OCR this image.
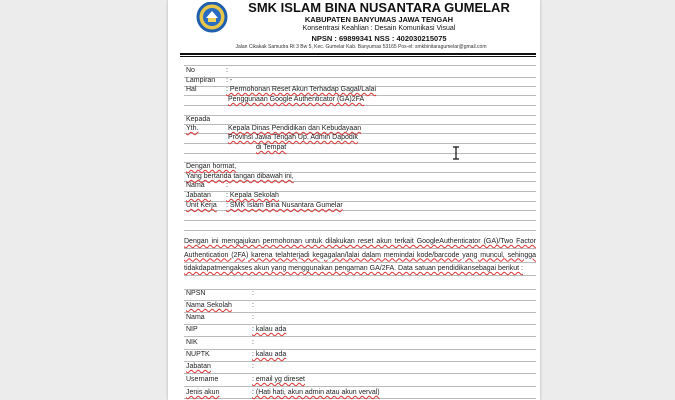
SMK ISLAM BINA NUSANTARA GUMELAR
KABUPATEN BANYUMAS JAWA TENGAH
Konsentrasi Keahlian : Desain Komunikasi Visual
NPSN : 69899341 NSS : 402030215075
Jalan Cikakak Samudra Rt 3 Bw 5, Kec. Gumelar Kab. Banyumas 53165 Pos-el: smkbinitaragumelar@gmail.com
No	:
Lampiran : -
Hal	: Permohonan Reset Akun Terhadap Gagal/Lalai
Penggunaan Google Authenticator (GA)2FA
Kepada
Yth.	Kepala Dinas Pendidikan dan Kebudayaan
Provinsi Jawa Tengah Up. Admin Dapodik
di Tempat
Dengan hormat,
Yang bertanda tangan dibawah ini,
Nama	:
Jabatan : Kepala Sekolah
Unit Kerja : SMK Islam Bina Nusantara Gumelar
Dengan ini mengajukan permohonan untuk dilakukan reset akun terkait GoogleAuthenticator (GA)/Two Factor Authentication (2FA) karena telahterjadi kegagalan/lalai dalam memindai kode/barcode yang muncul, sehingga tidakdapatmengakses akun yang menggunakan pengaman GA/2FA. Data satuan pendidikansebagai berikut :
NPSN	:
Nama Sekolah	:
Nama	:
NIP	: kalau ada
NIK	:
NUPTK	: kalau ada
Jabatan	:
Username	: email yg direset
Jenis akun	: (Hati hati, akun admin atau akun verval)
